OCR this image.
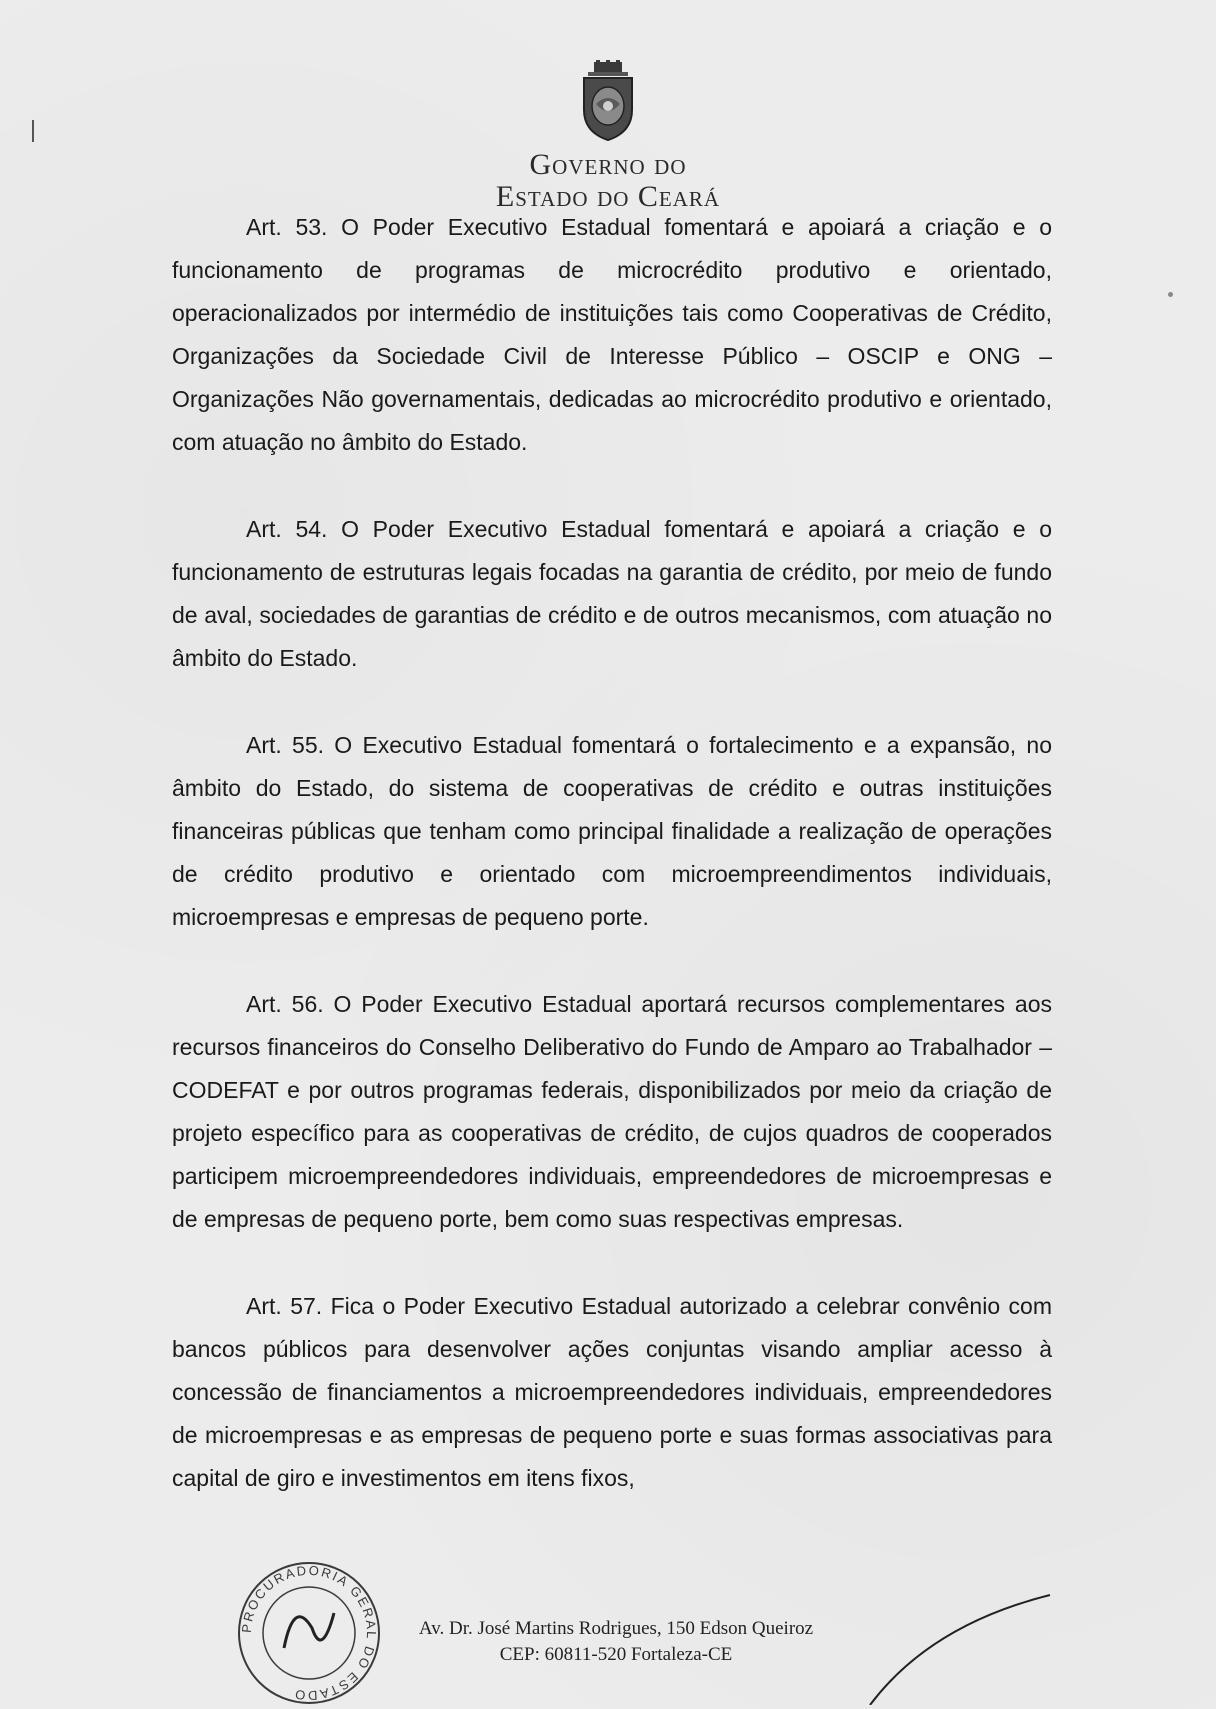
Governo do
Estado do Ceará

Art. 53. O Poder Executivo Estadual fomentará e apoiará a criação e o funcionamento de programas de microcrédito produtivo e orientado, operacionalizados por intermédio de instituições tais como Cooperativas de Crédito, Organizações da Sociedade Civil de Interesse Público – OSCIP e ONG – Organizações Não governamentais, dedicadas ao microcrédito produtivo e orientado, com atuação no âmbito do Estado.

Art. 54. O Poder Executivo Estadual fomentará e apoiará a criação e o funcionamento de estruturas legais focadas na garantia de crédito, por meio de fundo de aval, sociedades de garantias de crédito e de outros mecanismos, com atuação no âmbito do Estado.

Art. 55. O Executivo Estadual fomentará o fortalecimento e a expansão, no âmbito do Estado, do sistema de cooperativas de crédito e outras instituições financeiras públicas que tenham como principal finalidade a realização de operações de crédito produtivo e orientado com microempreendimentos individuais, microempresas e empresas de pequeno porte.

Art. 56. O Poder Executivo Estadual aportará recursos complementares aos recursos financeiros do Conselho Deliberativo do Fundo de Amparo ao Trabalhador – CODEFAT e por outros programas federais, disponibilizados por meio da criação de projeto específico para as cooperativas de crédito, de cujos quadros de cooperados participem microempreendedores individuais, empreendedores de microempresas e de empresas de pequeno porte, bem como suas respectivas empresas.

Art. 57. Fica o Poder Executivo Estadual autorizado a celebrar convênio com bancos públicos para desenvolver ações conjuntas visando ampliar acesso à concessão de financiamentos a microempreendedores individuais, empreendedores de microempresas e as empresas de pequeno porte e suas formas associativas para capital de giro e investimentos em itens fixos,

PROCURADORIA GERAL DO ESTADO
Av. Dr. José Martins Rodrigues, 150 Edson Queiroz
CEP: 60811-520 Fortaleza-CE
